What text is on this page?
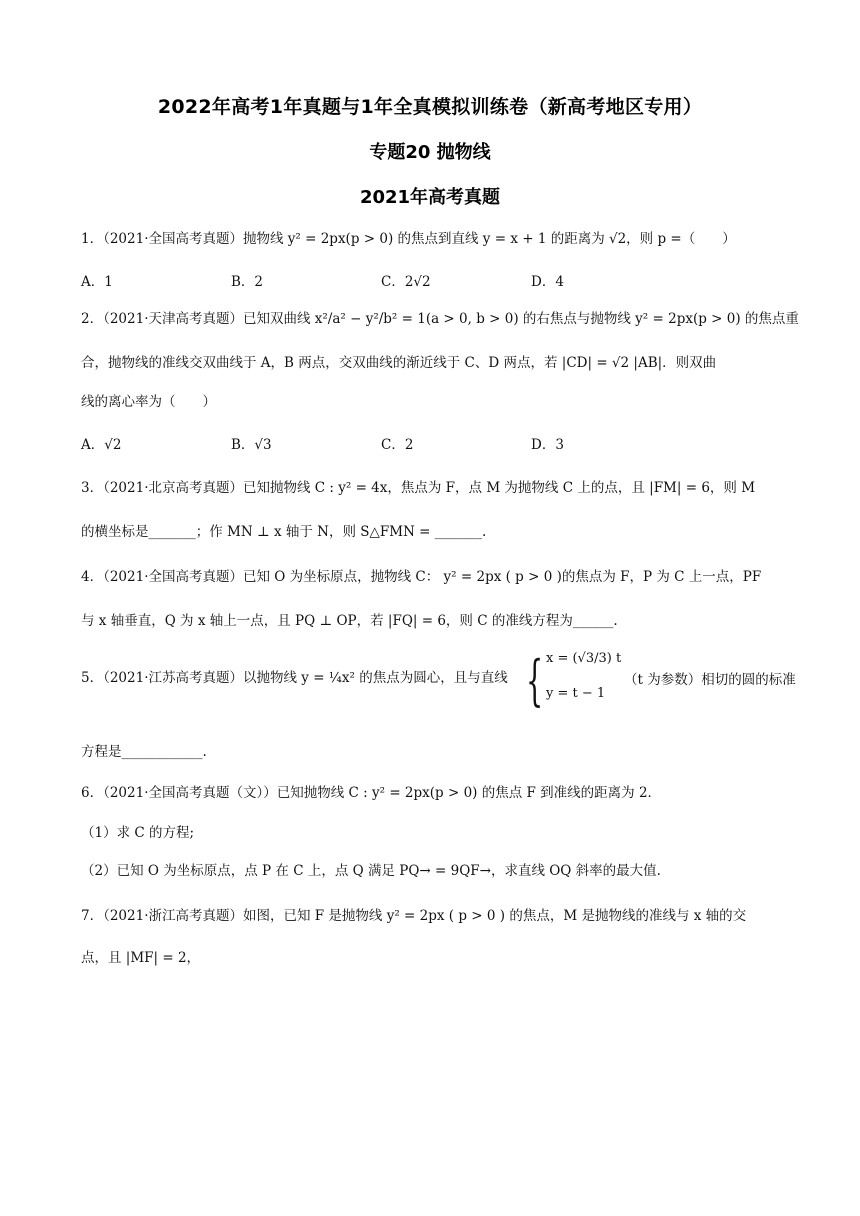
2022年高考1年真题与1年全真模拟训练卷（新高考地区专用）
专题20 抛物线
2021年高考真题
1．（2021·全国高考真题）抛物线 y² = 2px(p > 0) 的焦点到直线 y = x + 1 的距离为 √2，则 p =（　　）
A．1	B．2	C．2√2	D．4
2．（2021·天津高考真题）已知双曲线 x²/a² − y²/b² = 1(a > 0, b > 0) 的右焦点与抛物线 y² = 2px(p > 0) 的焦点重
合，抛物线的准线交双曲线于 A，B 两点，交双曲线的渐近线于 C、D 两点，若 |CD| = √2 |AB|．则双曲
线的离心率为（　　）
A．√2	B．√3	C．2	D．3
3．（2021·北京高考真题）已知抛物线 C : y² = 4x，焦点为 F，点 M 为抛物线 C 上的点，且 |FM| = 6，则 M
的横坐标是_______；作 MN ⊥ x 轴于 N，则 S△FMN = _______.
4．（2021·全国高考真题）已知 O 为坐标原点，抛物线 C： y² = 2px ( p > 0 )的焦点为 F，P 为 C 上一点，PF
与 x 轴垂直，Q 为 x 轴上一点，且 PQ ⊥ OP，若 |FQ| = 6，则 C 的准线方程为______.
5．（2021·江苏高考真题）以抛物线 y = ¼x² 的焦点为圆心，且与直线 { x = (√3/3) t
y = t − 1
（t 为参数）相切的圆的标准
方程是____________.
6．（2021·全国高考真题（文））已知抛物线 C : y² = 2px(p > 0) 的焦点 F 到准线的距离为 2．
（1）求 C 的方程;
（2）已知 O 为坐标原点，点 P 在 C 上，点 Q 满足 PQ→ = 9QF→，求直线 OQ 斜率的最大值.
7．（2021·浙江高考真题）如图，已知 F 是抛物线 y² = 2px ( p > 0 ) 的焦点，M 是抛物线的准线与 x 轴的交
点，且 |MF| = 2，
